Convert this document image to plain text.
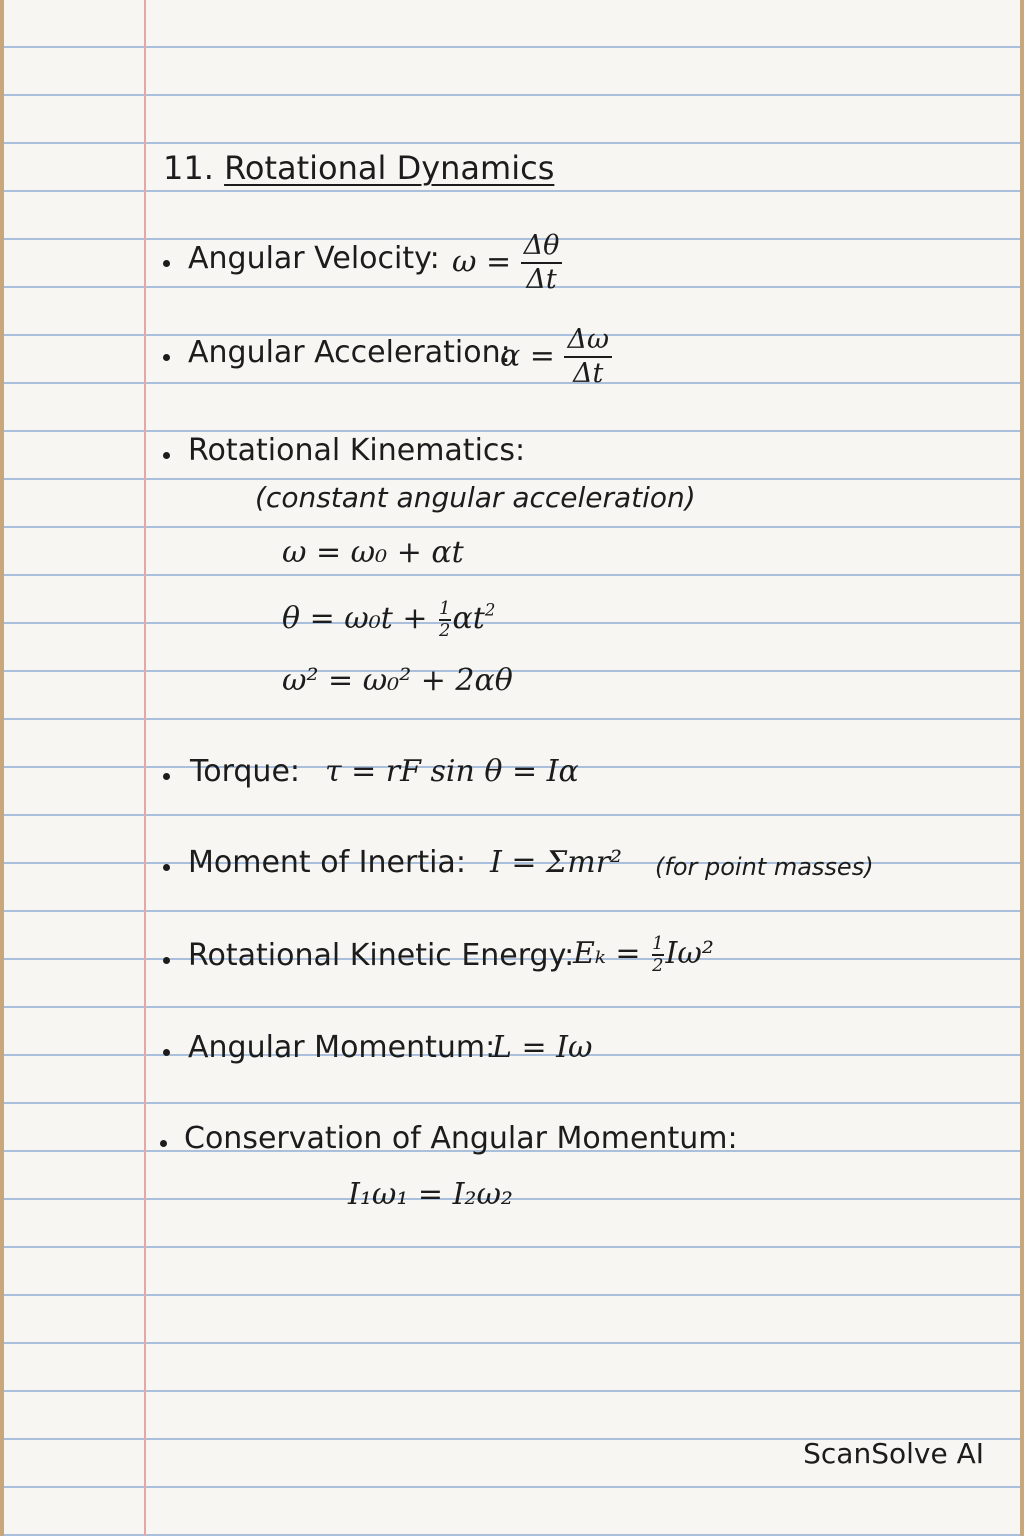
11. Rotational Dynamics
Angular Velocity: $\omega = \frac{\Delta\theta}{\Delta t}$
Angular Acceleration:
$\alpha = \frac{\Delta\omega}{\Delta t}$
Rotational Kinematics:
(constant angular acceleration)
ω = ω₀ + αt
$\theta = \omega_0t + \frac{1}{2}\alpha t^2$
ω² = ω₀² + 2αθ
Torque: τ = rF sin θ = Iα
Moment of Inertia: I = Σmr² (for point masses)
Rotational Kinetic Energy:
$E_k = \frac{1}{2}I\omega^2$
Angular Momentum:
L = Iω
Conservation of Angular Momentum:
I₁ω₁ = I₂ω₂
ScanSolve AI
